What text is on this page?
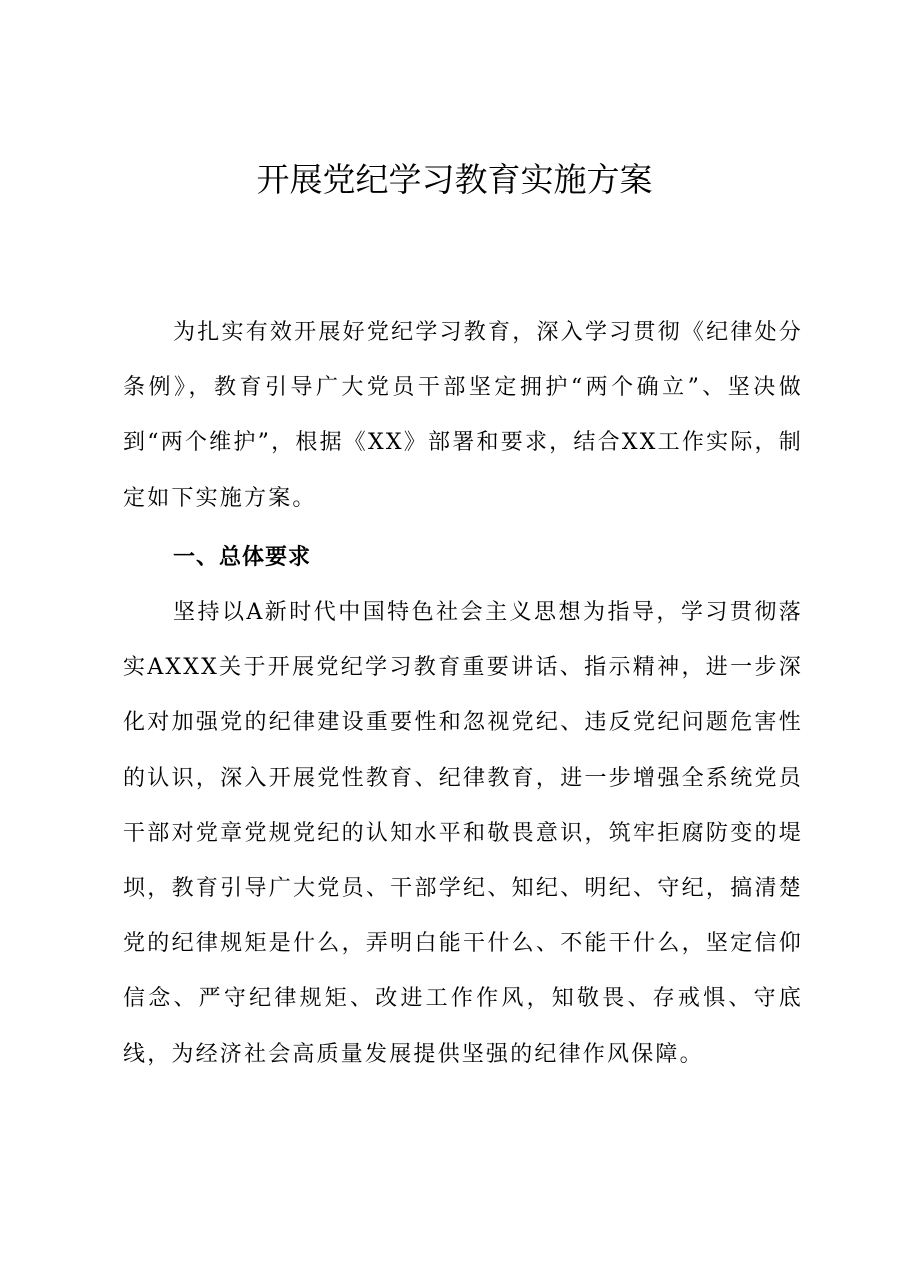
开展党纪学习教育实施方案

为扎实有效开展好党纪学习教育，深入学习贯彻《纪律处分条例》，教育引导广大党员干部坚定拥护“两个确立”、坚决做到“两个维护”，根据《XX》部署和要求，结合XX工作实际，制定如下实施方案。

一、总体要求

坚持以A新时代中国特色社会主义思想为指导，学习贯彻落实AXXX关于开展党纪学习教育重要讲话、指示精神，进一步深化对加强党的纪律建设重要性和忽视党纪、违反党纪问题危害性的认识，深入开展党性教育、纪律教育，进一步增强全系统党员干部对党章党规党纪的认知水平和敬畏意识，筑牢拒腐防变的堤坝，教育引导广大党员、干部学纪、知纪、明纪、守纪，搞清楚党的纪律规矩是什么，弄明白能干什么、不能干什么，坚定信仰信念、严守纪律规矩、改进工作作风，知敬畏、存戒惧、守底线，为经济社会高质量发展提供坚强的纪律作风保障。
